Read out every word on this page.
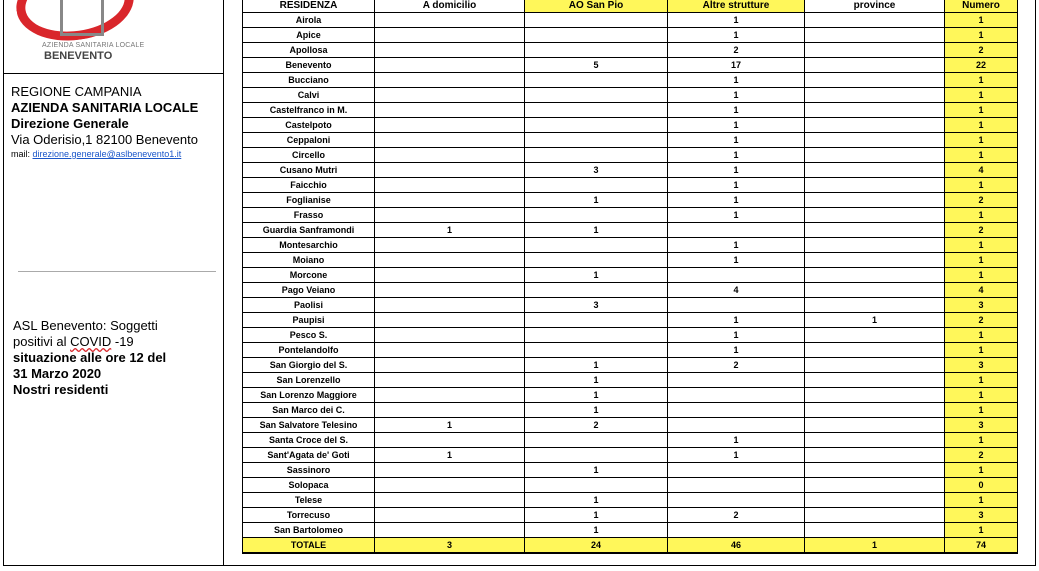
AZIENDA SANITARIA LOCALE
BENEVENTO
REGIONE CAMPANIA
AZIENDA SANITARIA LOCALE
Direzione Generale
Via Oderisio,1 82100 Benevento
mail: direzione.generale@aslbenevento1.it
ASL Benevento: Soggetti
positivi al COVID -19
situazione alle ore 12 del
31 Marzo 2020
Nostri residenti
RESIDENZA	A domicilio	AO San Pio	Altre strutture	province	Numero
Airola			1		1
Apice			1		1
Apollosa			2		2
Benevento		5	17		22
Bucciano			1		1
Calvi			1		1
Castelfranco in M.			1		1
Castelpoto			1		1
Ceppaloni			1		1
Circello			1		1
Cusano Mutri		3	1		4
Faicchio			1		1
Foglianise		1	1		2
Frasso			1		1
Guardia Sanframondi	1	1			2
Montesarchio			1		1
Moiano			1		1
Morcone		1			1
Pago Veiano			4		4
Paolisi		3			3
Paupisi			1	1	2
Pesco S.			1		1
Pontelandolfo			1		1
San Giorgio del S.		1	2		3
San Lorenzello		1			1
San Lorenzo Maggiore		1			1
San Marco dei C.		1			1
San Salvatore Telesino	1	2			3
Santa Croce del S.			1		1
Sant'Agata de' Goti	1		1		2
Sassinoro		1			1
Solopaca					0
Telese		1			1
Torrecuso		1	2		3
San Bartolomeo		1			1
TOTALE	3	24	46	1	74
